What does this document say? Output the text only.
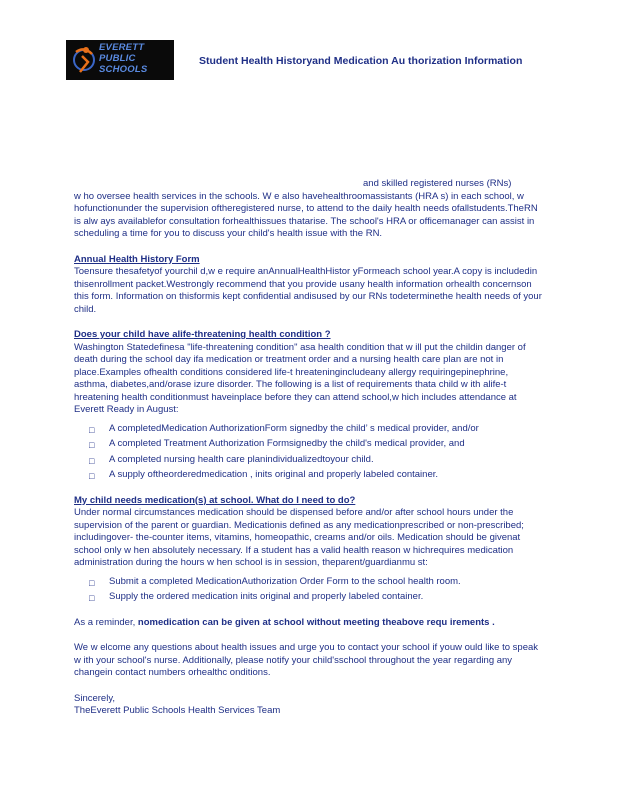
EVERETT
PUBLIC
SCHOOLS
Student Health Historyand Medication Au thorization Information

and skilled registered nurses (RNs)

w ho oversee health services in the schools. W e also havehealthroomassistants (HRA s) in each school, w hofunctionunder the supervision oftheregistered nurse, to attend to the daily health needs ofallstudents.TheRN is alw ays availablefor consultation forhealthissues thatarise. The school's HRA or officemanager can assist in scheduling a time for you to discuss your child's health issue with the RN.

Annual Health History Form

Toensure thesafetyof yourchil d,w e require anAnnualHealthHistor yFormeach school year.A copy is includedin thisenrollment packet.Westrongly recommend that you provide usany health information orhealth concernson this form. Information on thisformis kept confidential andisused by our RNs todeterminethe health needs of your child.

Does your child have alife-threatening health condition ?

Washington Statedefinesa "life-threatening condition" asa health condition that w ill put the childin danger of death during the school day ifa medication or treatment order and a nursing health care plan are not in place.Examples ofhealth conditions considered life-t hreateningincludeany allergy requiringepinephrine, asthma, diabetes,and/orase izure disorder. The following is a list of requirements thata child w ith alife-t hreatening health conditionmust haveinplace before they can attend school,w hich includes attendance at Everett Ready in August:

□ A completedMedication AuthorizationForm signedby the child’ s medical provider, and/or
□ A completed Treatment Authorization Formsignedby the child's medical provider, and
□ A completed nursing health care planindividualizedtoyour child.
□ A supply oftheorderedmedication , inits original and properly labeled container.

My child needs medication(s) at school. What do I need to do?

Under normal circumstances medication should be dispensed before and/or after school hours under the supervision of the parent or guardian. Medicationis defined as any medicationprescribed or non-prescribed; includingover- the-counter items, vitamins, homeopathic, creams and/or oils. Medication should be givenat school only w hen absolutely necessary. If a student has a valid health reason w hichrequires medication administration during the hours w hen school is in session, theparent/guardianmu st:

□ Submit a completed MedicationAuthorization Order Form to the school health room.
□ Supply the ordered medication inits original and properly labeled container.

As a reminder, nomedication can be given at school without meeting theabove requ irements .

We w elcome any questions about health issues and urge you to contact your school if youw ould like to speak w ith your school's nurse. Additionally, please notify your child'sschool throughout the year regarding any changein contact numbers orhealthc onditions.

Sincerely,

TheEverett Public Schools Health Services Team
